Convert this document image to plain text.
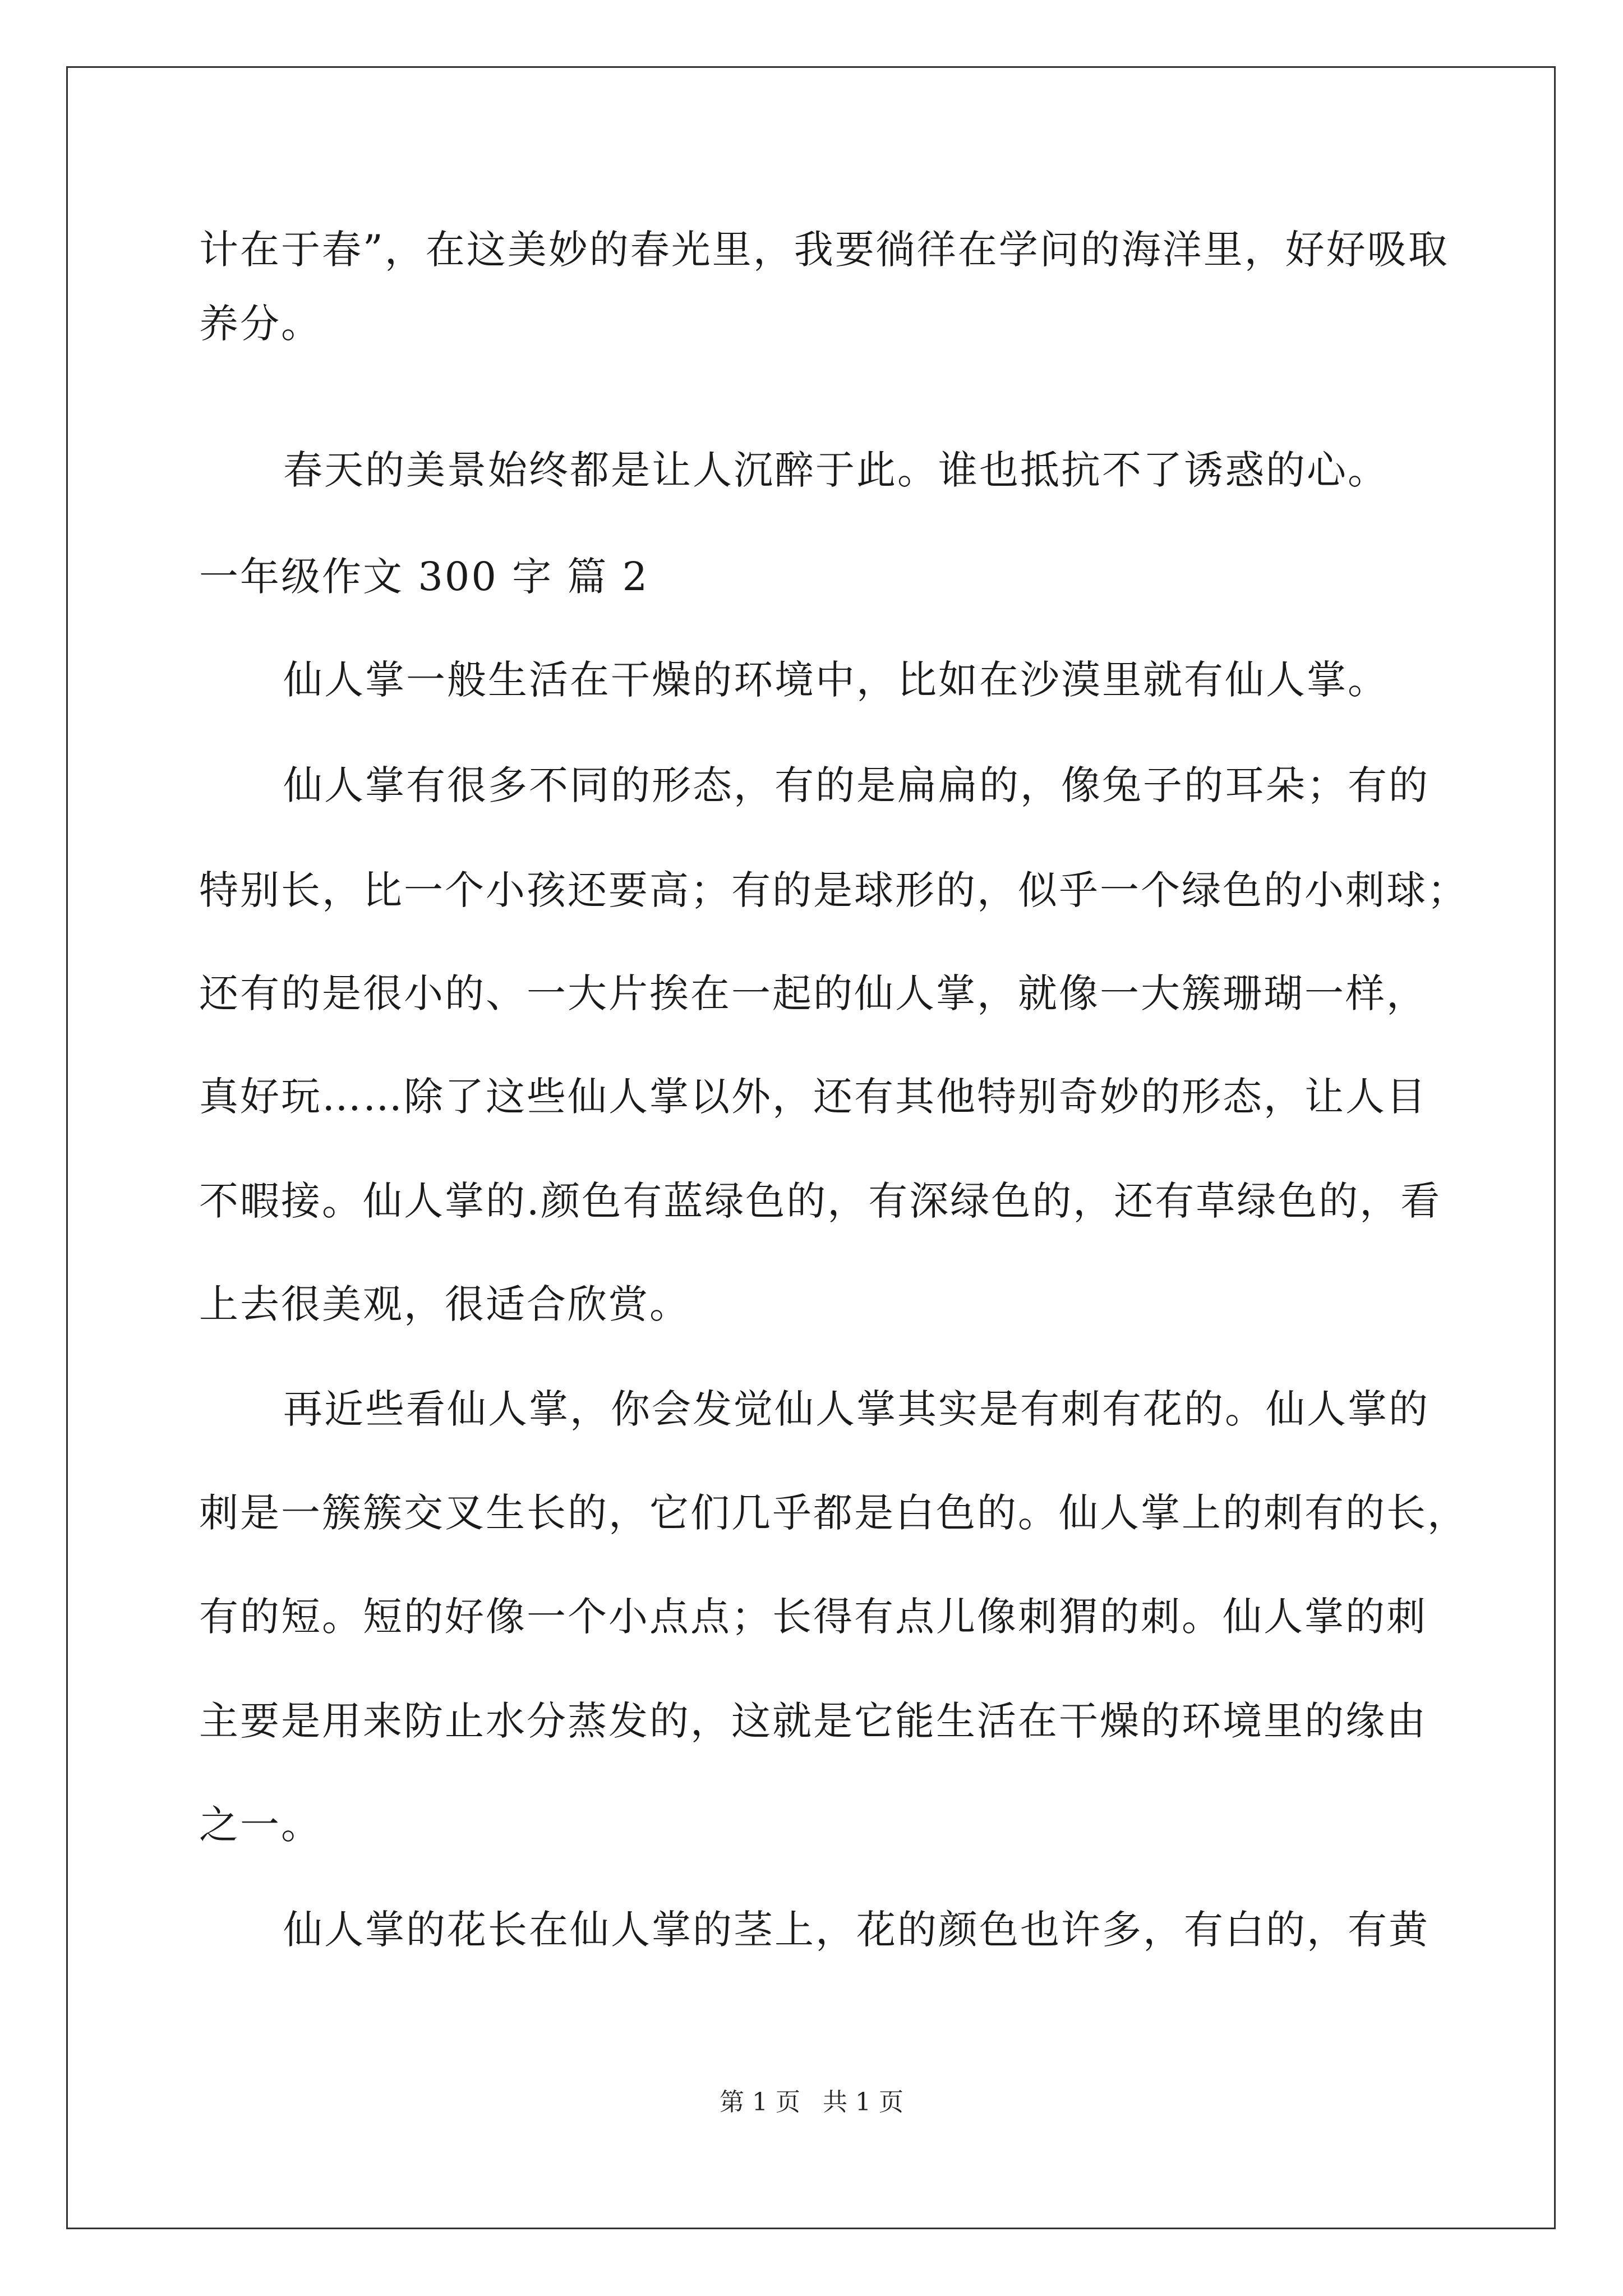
计在于春”，在这美妙的春光里，我要徜徉在学问的海洋里，好好吸取
养分。
春天的美景始终都是让人沉醉于此。谁也抵抗不了诱惑的心。
一年级作文 300 字 篇 2
仙人掌一般生活在干燥的环境中，比如在沙漠里就有仙人掌。
仙人掌有很多不同的形态，有的是扁扁的，像兔子的耳朵；有的
特别长，比一个小孩还要高；有的是球形的，似乎一个绿色的小刺球；
还有的是很小的、一大片挨在一起的仙人掌，就像一大簇珊瑚一样，
真好玩……除了这些仙人掌以外，还有其他特别奇妙的形态，让人目
不暇接。仙人掌的.颜色有蓝绿色的，有深绿色的，还有草绿色的，看
上去很美观，很适合欣赏。
再近些看仙人掌，你会发觉仙人掌其实是有刺有花的。仙人掌的
刺是一簇簇交叉生长的，它们几乎都是白色的。仙人掌上的刺有的长，
有的短。短的好像一个小点点；长得有点儿像刺猬的刺。仙人掌的刺
主要是用来防止水分蒸发的，这就是它能生活在干燥的环境里的缘由
之一。
仙人掌的花长在仙人掌的茎上，花的颜色也许多，有白的，有黄
第 1 页 共 1 页
